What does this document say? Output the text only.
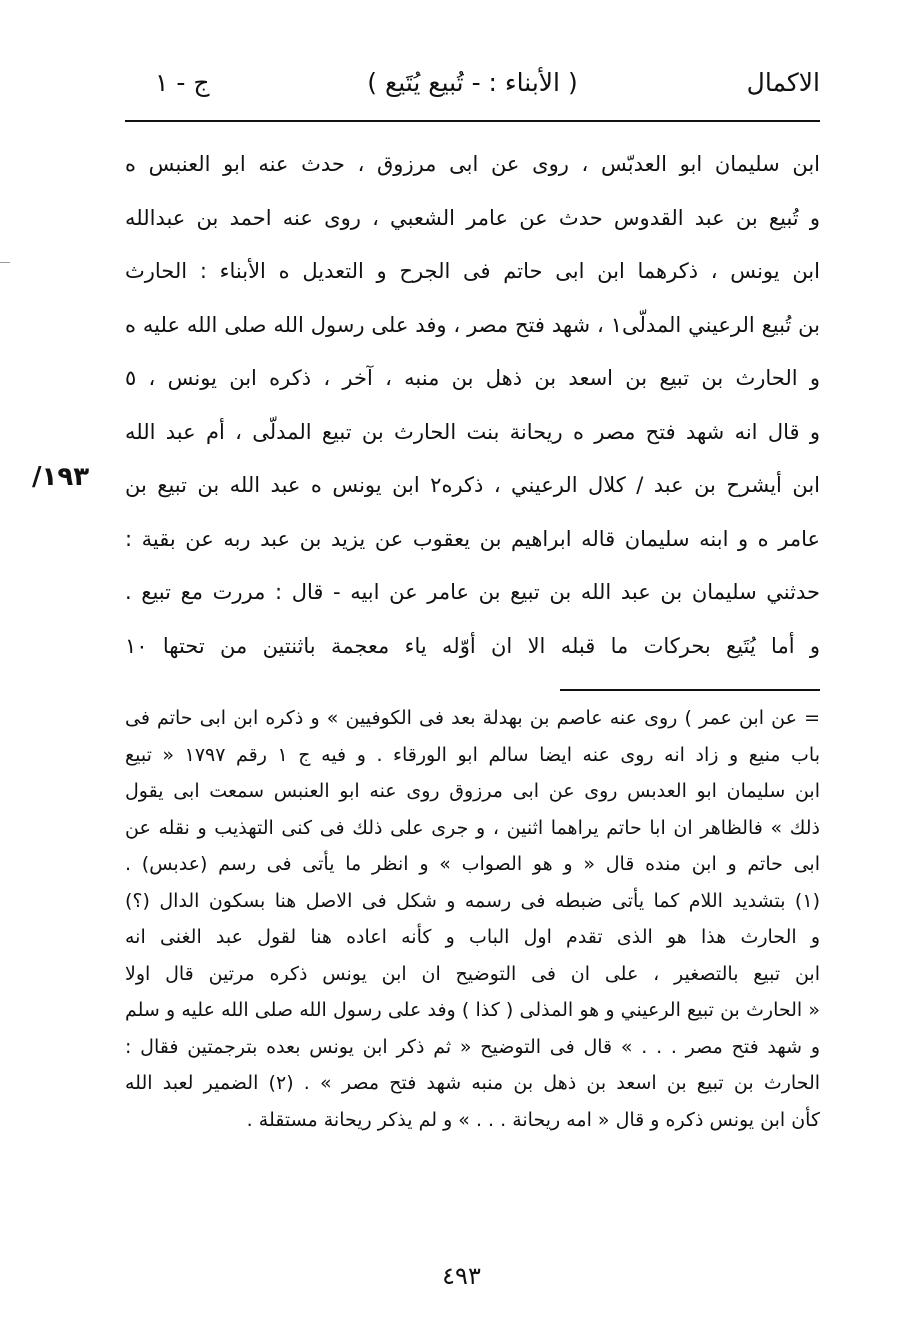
الاكمال
( الأبناء : - تُبيع يُتَيع )
ج - ١
/١٩٣
ابن سليمان ابو العدبّس ، روى عن ابى مرزوق ، حدث عنه ابو العنبس ه
و تُبيع بن عبد القدوس حدث عن عامر الشعبي ، روى عنه احمد بن عبدالله
ابن يونس ، ذكرهما ابن ابى حاتم فى الجرح و التعديل ه الأبناء : الحارث
بن تُبيع الرعيني المدلّى١ ، شهد فتح مصر ، وفد على رسول الله صلى الله عليه ه
و الحارث بن تبيع بن اسعد بن ذهل بن منبه ، آخر ، ذكره ابن يونس ، ٥
و قال انه شهد فتح مصر ه ريحانة بنت الحارث بن تبيع المدلّى ، أم عبد الله
ابن أيشرح بن عبد / كلال الرعيني ، ذكره٢ ابن يونس ه عبد الله بن تبيع بن
عامر ه و ابنه سليمان قاله ابراهيم بن يعقوب عن يزيد بن عبد ربه عن بقية :
حدثني سليمان بن عبد الله بن تبيع بن عامر عن ابيه - قال : مررت مع تبيع .
و أما يُتَيع بحركات ما قبله الا ان أوّله ياء معجمة باثنتين من تحتها ١٠
= عن ابن عمر ) روى عنه عاصم بن بهدلة بعد فى الكوفيين » و ذكره ابن ابى حاتم فى
باب منيع و زاد انه روى عنه ايضا سالم ابو الورقاء . و فيه ج ١ رقم ١٧٩٧ « تبيع
ابن سليمان ابو العدبس روى عن ابى مرزوق روى عنه ابو العنبس سمعت ابى يقول
ذلك » فالظاهر ان ابا حاتم يراهما اثنين ، و جرى على ذلك فى كنى التهذيب و نقله عن
ابى حاتم و ابن منده قال « و هو الصواب » و انظر ما يأتى فى رسم (عدبس) .
(١) بتشديد اللام كما يأتى ضبطه فى رسمه و شكل فى الاصل هنا بسكون الدال (؟)
و الحارث هذا هو الذى تقدم اول الباب و كأنه اعاده هنا لقول عبد الغنى انه
ابن تبيع بالتصغير ، على ان فى التوضيح ان ابن يونس ذكره مرتين قال اولا
« الحارث بن تبيع الرعيني و هو المذلى ( كذا ) وفد على رسول الله صلى الله عليه و سلم
و شهد فتح مصر . . . » قال فى التوضيح « ثم ذكر ابن يونس بعده بترجمتين فقال :
الحارث بن تبيع بن اسعد بن ذهل بن منبه شهد فتح مصر » . (٢) الضمير لعبد الله
كأن ابن يونس ذكره و قال « امه ريحانة . . . » و لم يذكر ريحانة مستقلة .
٤٩٣
